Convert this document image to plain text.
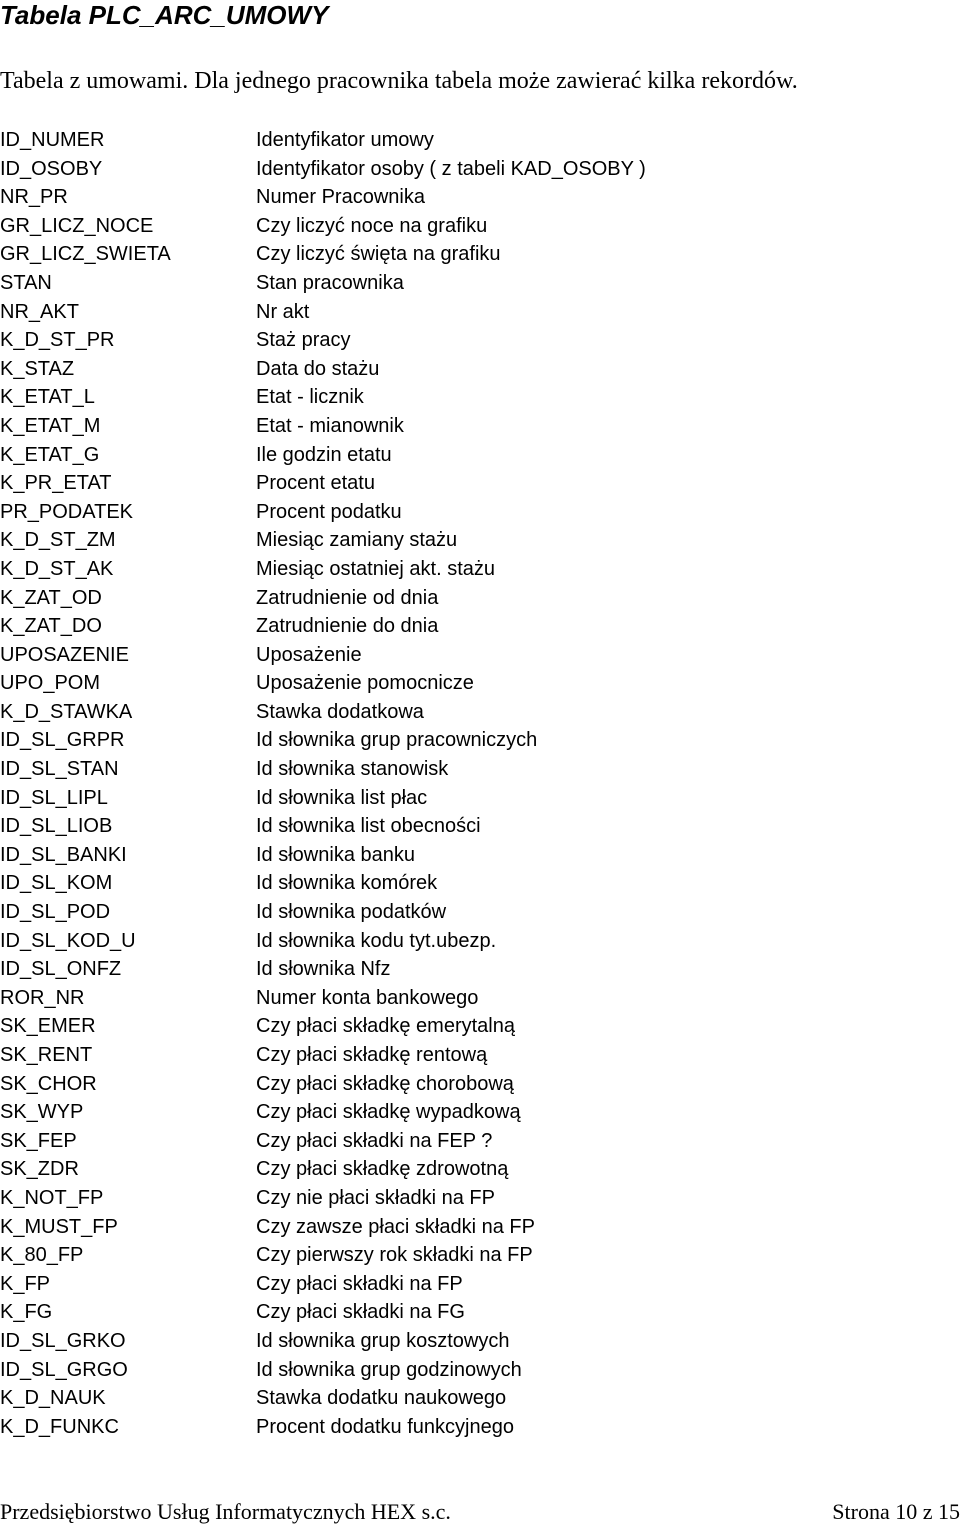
Tabela PLC_ARC_UMOWY

Tabela z umowami. Dla jednego pracownika tabela może zawierać kilka rekordów.

ID_NUMER	Identyfikator umowy
ID_OSOBY	Identyfikator osoby ( z tabeli KAD_OSOBY )
NR_PR	Numer Pracownika
GR_LICZ_NOCE	Czy liczyć noce na grafiku
GR_LICZ_SWIETA	Czy liczyć święta na grafiku
STAN	Stan pracownika
NR_AKT	Nr akt
K_D_ST_PR	Staż pracy
K_STAZ	Data do stażu
K_ETAT_L	Etat - licznik
K_ETAT_M	Etat - mianownik
K_ETAT_G	Ile godzin etatu
K_PR_ETAT	Procent etatu
PR_PODATEK	Procent podatku
K_D_ST_ZM	Miesiąc zamiany stażu
K_D_ST_AK	Miesiąc ostatniej akt. stażu
K_ZAT_OD	Zatrudnienie od dnia
K_ZAT_DO	Zatrudnienie do dnia
UPOSAZENIE	Uposażenie
UPO_POM	Uposażenie pomocnicze
K_D_STAWKA	Stawka dodatkowa
ID_SL_GRPR	Id słownika grup pracowniczych
ID_SL_STAN	Id słownika stanowisk
ID_SL_LIPL	Id słownika list płac
ID_SL_LIOB	Id słownika list obecności
ID_SL_BANKI	Id słownika banku
ID_SL_KOM	Id słownika komórek
ID_SL_POD	Id słownika podatków
ID_SL_KOD_U	Id słownika kodu tyt.ubezp.
ID_SL_ONFZ	Id słownika Nfz
ROR_NR	Numer konta bankowego
SK_EMER	Czy płaci składkę emerytalną
SK_RENT	Czy płaci składkę rentową
SK_CHOR	Czy płaci składkę chorobową
SK_WYP	Czy płaci składkę wypadkową
SK_FEP	Czy płaci składki na FEP ?
SK_ZDR	Czy płaci składkę zdrowotną
K_NOT_FP	Czy nie płaci składki na FP
K_MUST_FP	Czy zawsze płaci składki na FP
K_80_FP	Czy pierwszy rok składki na FP
K_FP	Czy płaci składki na FP
K_FG	Czy płaci składki na FG
ID_SL_GRKO	Id słownika grup kosztowych
ID_SL_GRGO	Id słownika grup godzinowych
K_D_NAUK	Stawka dodatku naukowego
K_D_FUNKC	Procent dodatku funkcyjnego
Przedsiębiorstwo Usług Informatycznych HEX s.c.	Strona 10 z 15
